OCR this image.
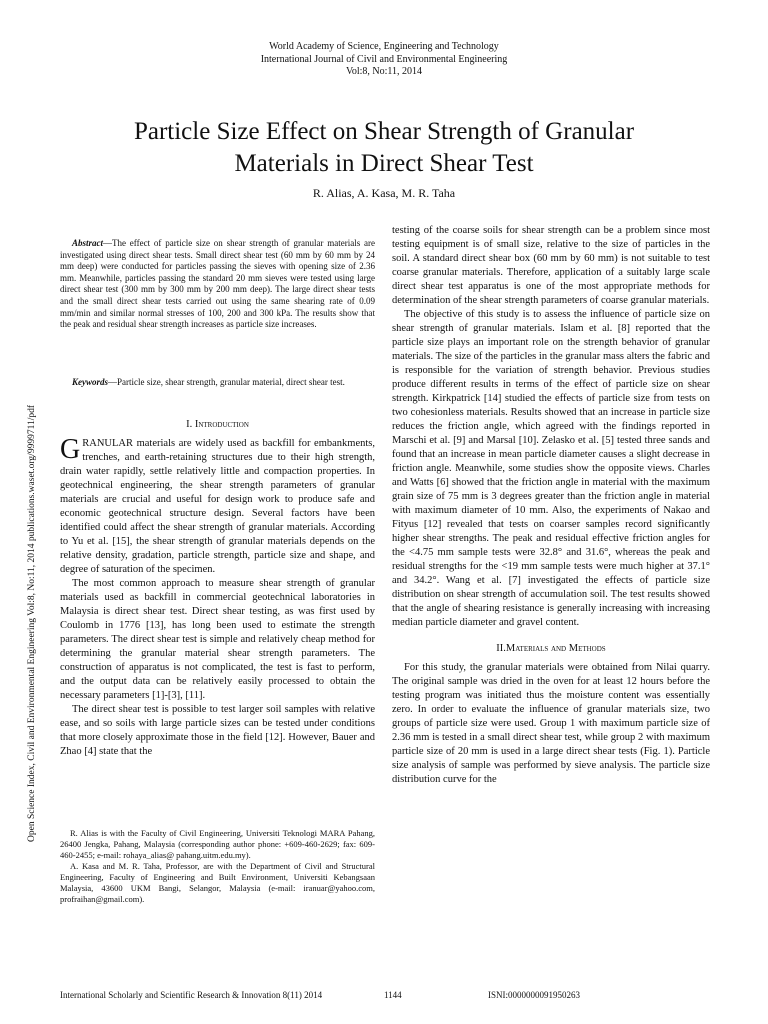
World Academy of Science, Engineering and Technology
International Journal of Civil and Environmental Engineering
Vol:8, No:11, 2014
Particle Size Effect on Shear Strength of Granular
Materials in Direct Shear Test
R. Alias, A. Kasa, M. R. Taha
Open Science Index, Civil and Environmental Engineering Vol:8, No:11, 2014 publications.waset.org/9999711/pdf

Abstract—The effect of particle size on shear strength of granular materials are investigated using direct shear tests. Small direct shear test (60 mm by 60 mm by 24 mm deep) were conducted for particles passing the sieves with opening size of 2.36 mm. Meanwhile, particles passing the standard 20 mm sieves were tested using large direct shear test (300 mm by 300 mm by 200 mm deep). The large direct shear tests and the small direct shear tests carried out using the same shearing rate of 0.09 mm/min and similar normal stresses of 100, 200 and 300 kPa. The results show that the peak and residual shear strength increases as particle size increases.

Keywords—Particle size, shear strength, granular material, direct shear test.

I. Introduction

GRANULAR materials are widely used as backfill for embankments, trenches, and earth-retaining structures due to their high strength, drain water rapidly, settle relatively little and compaction properties. In geotechnical engineering, the shear strength parameters of granular materials are crucial and useful for design work to produce safe and economic geotechnical structure design. Several factors have been identified could affect the shear strength of granular materials. According to Yu et al. [15], the shear strength of granular materials depends on the relative density, gradation, particle strength, particle size and shape, and degree of saturation of the specimen.

The most common approach to measure shear strength of granular materials used as backfill in commercial geotechnical laboratories in Malaysia is direct shear test. Direct shear testing, as was first used by Coulomb in 1776 [13], has long been used to estimate the strength parameters. The direct shear test is simple and relatively cheap method for determining the granular material shear strength parameters. The construction of apparatus is not complicated, the test is fast to perform, and the output data can be relatively easily processed to obtain the necessary parameters [1]-[3], [11].

The direct shear test is possible to test larger soil samples with relative ease, and so soils with large particle sizes can be tested under conditions that more closely approximate those in the field [12]. However, Bauer and Zhao [4] state that the

R. Alias is with the Faculty of Civil Engineering, Universiti Teknologi MARA Pahang, 26400 Jengka, Pahang, Malaysia (corresponding author phone: +609-460-2629; fax: 609-460-2455; e-mail: rohaya_alias@ pahang.uitm.edu.my).

A. Kasa and M. R. Taha, Professor, are with the Department of Civil and Structural Engineering, Faculty of Engineering and Built Environment, Universiti Kebangsaan Malaysia, 43600 UKM Bangi, Selangor, Malaysia (e-mail: iranuar@yahoo.com, profraihan@gmail.com).

testing of the coarse soils for shear strength can be a problem since most testing equipment is of small size, relative to the size of particles in the soil. A standard direct shear box (60 mm by 60 mm) is not suitable to test coarse granular materials. Therefore, application of a suitably large scale direct shear test apparatus is one of the most appropriate methods for determination of the shear strength parameters of coarse granular materials.

The objective of this study is to assess the influence of particle size on shear strength of granular materials. Islam et al. [8] reported that the particle size plays an important role on the strength behavior of granular materials. The size of the particles in the granular mass alters the fabric and is responsible for the variation of strength behavior. Previous studies produce different results in terms of the effect of particle size on shear strength. Kirkpatrick [14] studied the effects of particle size from tests on two cohesionless materials. Results showed that an increase in particle size reduces the friction angle, which agreed with the findings reported in Marschi et al. [9] and Marsal [10]. Zelasko et al. [5] tested three sands and found that an increase in mean particle diameter causes a slight decrease in friction angle. Meanwhile, some studies show the opposite views. Charles and Watts [6] showed that the friction angle in material with the maximum grain size of 75 mm is 3 degrees greater than the friction angle in material with maximum diameter of 10 mm. Also, the experiments of Nakao and Fityus [12] revealed that tests on coarser samples record significantly higher shear strengths. The peak and residual effective friction angles for the <4.75 mm sample tests were 32.8° and 31.6°, whereas the peak and residual strengths for the <19 mm sample tests were much higher at 37.1° and 34.2°. Wang et al. [7] investigated the effects of particle size distribution on shear strength of accumulation soil. The test results showed that the angle of shearing resistance is generally increasing with increasing median particle diameter and gravel content.

II.Materials and Methods

For this study, the granular materials were obtained from Nilai quarry. The original sample was dried in the oven for at least 12 hours before the testing program was initiated thus the moisture content was essentially zero. In order to evaluate the influence of granular materials size, two groups of particle size were used. Group 1 with maximum particle size of 2.36 mm is tested in a small direct shear test, while group 2 with maximum particle size of 20 mm is used in a large direct shear tests (Fig. 1). Particle size analysis of sample was performed by sieve analysis. The particle size distribution curve for the

International Scholarly and Scientific Research & Innovation 8(11) 2014	1144	ISNI:0000000091950263
